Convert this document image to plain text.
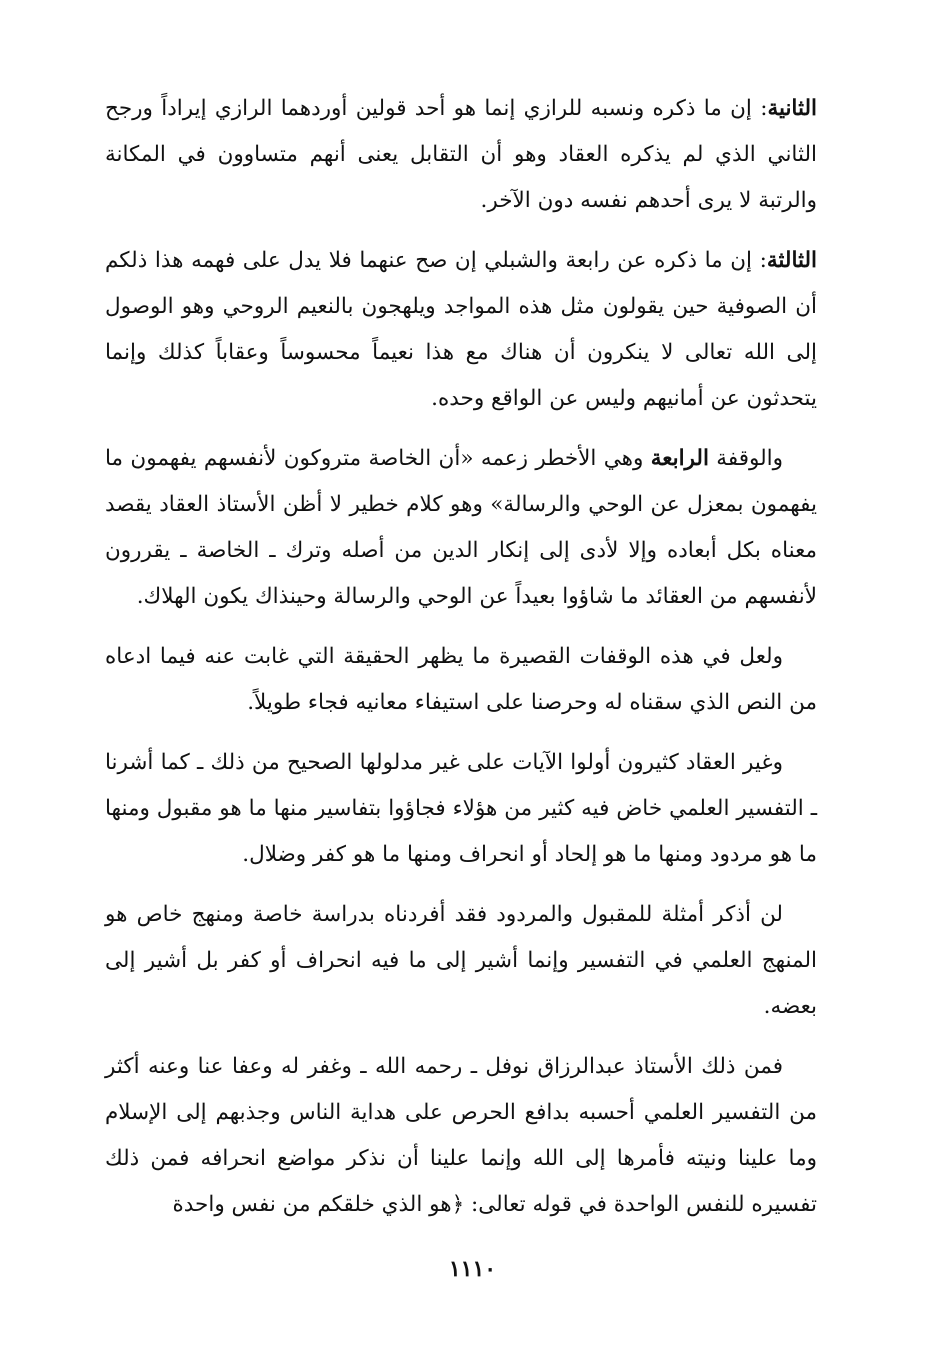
الثانية: إن ما ذكره ونسبه للرازي إنما هو أحد قولين أوردهما الرازي إيراداً ورجح الثاني الذي لم يذكره العقاد وهو أن التقابل يعنى أنهم متساوون في المكانة والرتبة لا يرى أحدهم نفسه دون الآخر.

الثالثة: إن ما ذكره عن رابعة والشبلي إن صح عنهما فلا يدل على فهمه هذا ذلكم أن الصوفية حين يقولون مثل هذه المواجد ويلهجون بالنعيم الروحي وهو الوصول إلى الله تعالى لا ينكرون أن هناك مع هذا نعيماً محسوساً وعقاباً كذلك وإنما يتحدثون عن أمانيهم وليس عن الواقع وحده.

والوقفة الرابعة وهي الأخطر زعمه «أن الخاصة متروكون لأنفسهم يفهمون ما يفهمون بمعزل عن الوحي والرسالة» وهو كلام خطير لا أظن الأستاذ العقاد يقصد معناه بكل أبعاده وإلا لأدى إلى إنكار الدين من أصله وترك ـ الخاصة ـ يقررون لأنفسهم من العقائد ما شاؤوا بعيداً عن الوحي والرسالة وحينذاك يكون الهلاك.

ولعل في هذه الوقفات القصيرة ما يظهر الحقيقة التي غابت عنه فيما ادعاه من النص الذي سقناه له وحرصنا على استيفاء معانيه فجاء طويلاً.

وغير العقاد كثيرون أولوا الآيات على غير مدلولها الصحيح من ذلك ـ كما أشرنا ـ التفسير العلمي خاض فيه كثير من هؤلاء فجاؤوا بتفاسير منها ما هو مقبول ومنها ما هو مردود ومنها ما هو إلحاد أو انحراف ومنها ما هو كفر وضلال.

لن أذكر أمثلة للمقبول والمردود فقد أفردناه بدراسة خاصة ومنهج خاص هو المنهج العلمي في التفسير وإنما أشير إلى ما فيه انحراف أو كفر بل أشير إلى بعضه.

فمن ذلك الأستاذ عبدالرزاق نوفل ـ رحمه الله ـ وغفر له وعفا عنا وعنه أكثر من التفسير العلمي أحسبه بدافع الحرص على هداية الناس وجذبهم إلى الإسلام وما علينا ونيته فأمرها إلى الله وإنما علينا أن نذكر مواضع انحرافه فمن ذلك تفسيره للنفس الواحدة في قوله تعالى: ﴿هو الذي خلقكم من نفس واحدة

١١١٠
